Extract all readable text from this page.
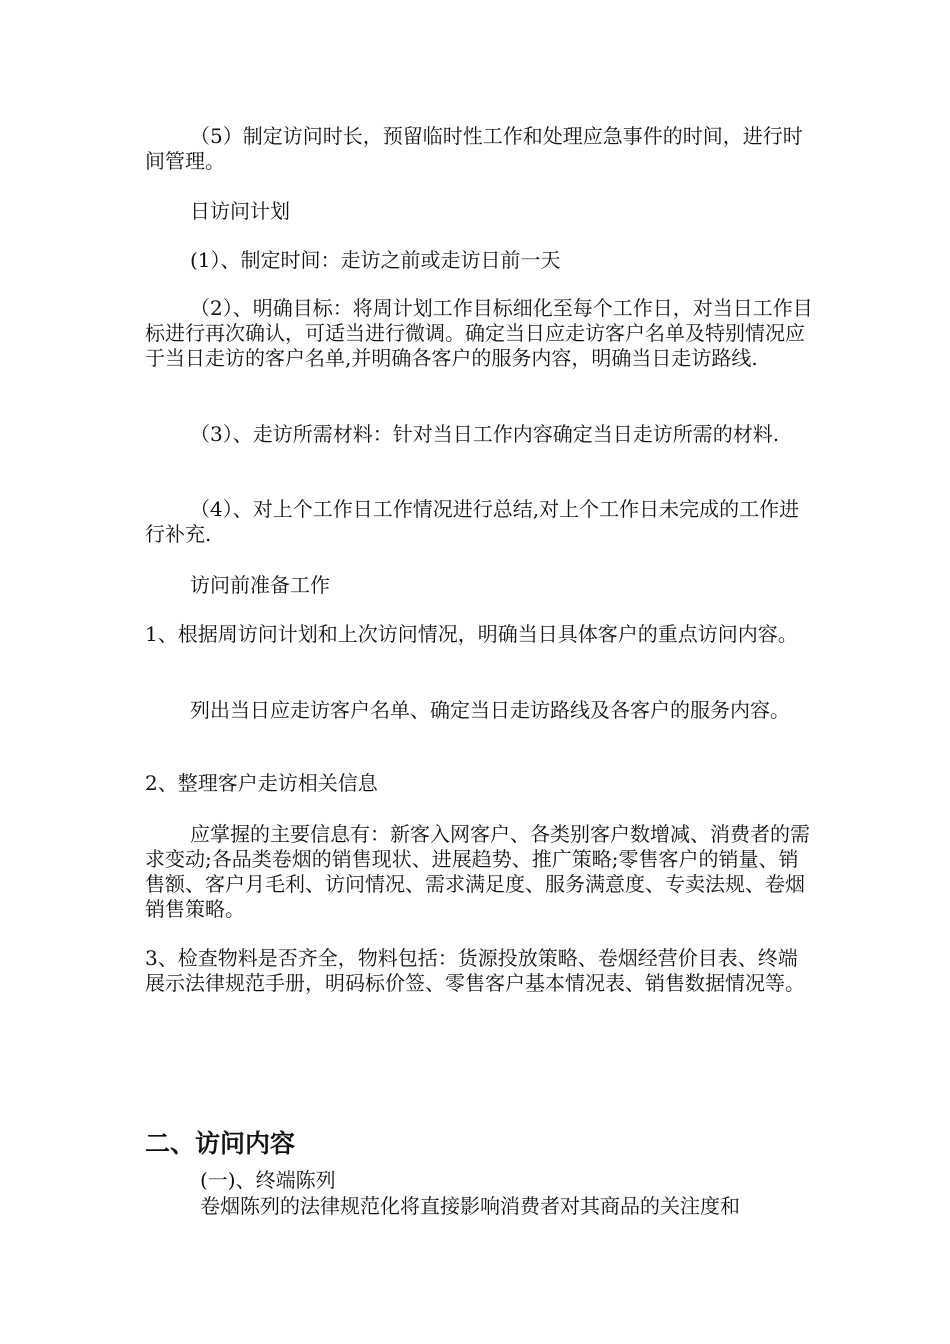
（5）制定访问时长，预留临时性工作和处理应急事件的时间，进行时间管理。

日访问计划

(1）、制定时间：走访之前或走访日前一天

（2）、明确目标：将周计划工作目标细化至每个工作日，对当日工作目标进行再次确认，可适当进行微调。确定当日应走访客户名单及特别情况应于当日走访的客户名单,并明确各客户的服务内容，明确当日走访路线.

（3）、走访所需材料：针对当日工作内容确定当日走访所需的材料.

（4）、对上个工作日工作情况进行总结,对上个工作日未完成的工作进行补充.

访问前准备工作

1、根据周访问计划和上次访问情况，明确当日具体客户的重点访问内容。

列出当日应走访客户名单、确定当日走访路线及各客户的服务内容。

2、整理客户走访相关信息

应掌握的主要信息有：新客入网客户、各类别客户数增减、消费者的需求变动;各品类卷烟的销售现状、进展趋势、推广策略;零售客户的销量、销售额、客户月毛利、访问情况、需求满足度、服务满意度、专卖法规、卷烟销售策略。

3、检查物料是否齐全，物料包括：货源投放策略、卷烟经营价目表、终端展示法律规范手册，明码标价签、零售客户基本情况表、销售数据情况等。

二、访问内容

(一)、终端陈列

卷烟陈列的法律规范化将直接影响消费者对其商品的关注度和
